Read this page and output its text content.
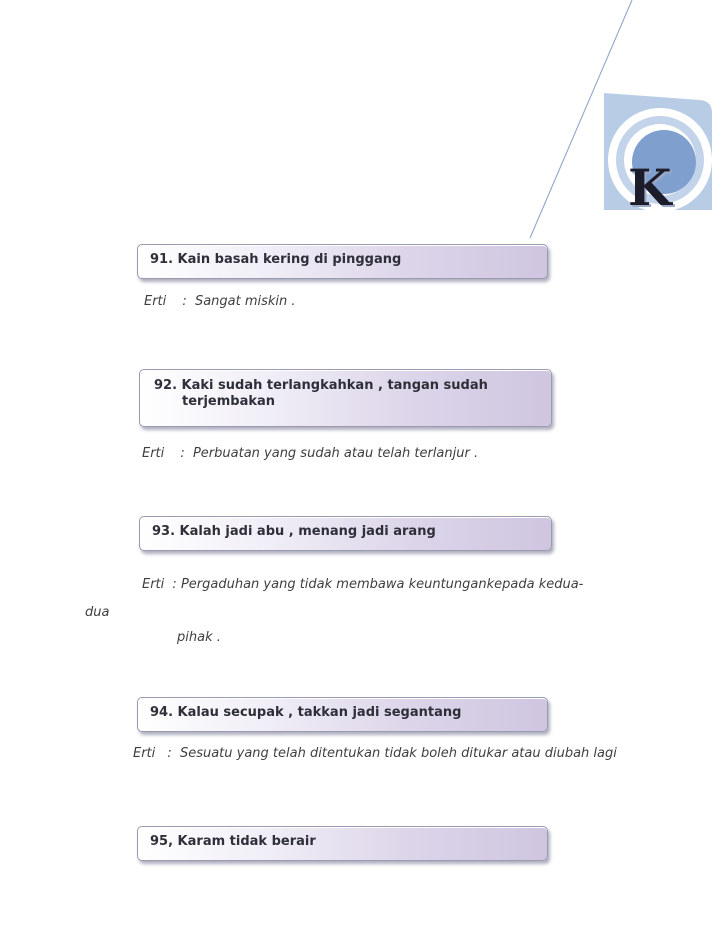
K
91. Kain basah kering di pinggang
Erti : Sangat miskin .
92. Kaki sudah terlangkahkan , tangan sudah
terjembakan
Erti : Perbuatan yang sudah atau telah terlanjur .
93. Kalah jadi abu , menang jadi arang
Erti : Pergaduhan yang tidak membawa keuntungankepada kedua-
dua
pihak .
94. Kalau secupak , takkan jadi segantang
Erti : Sesuatu yang telah ditentukan tidak boleh ditukar atau diubah lagi
95, Karam tidak berair
